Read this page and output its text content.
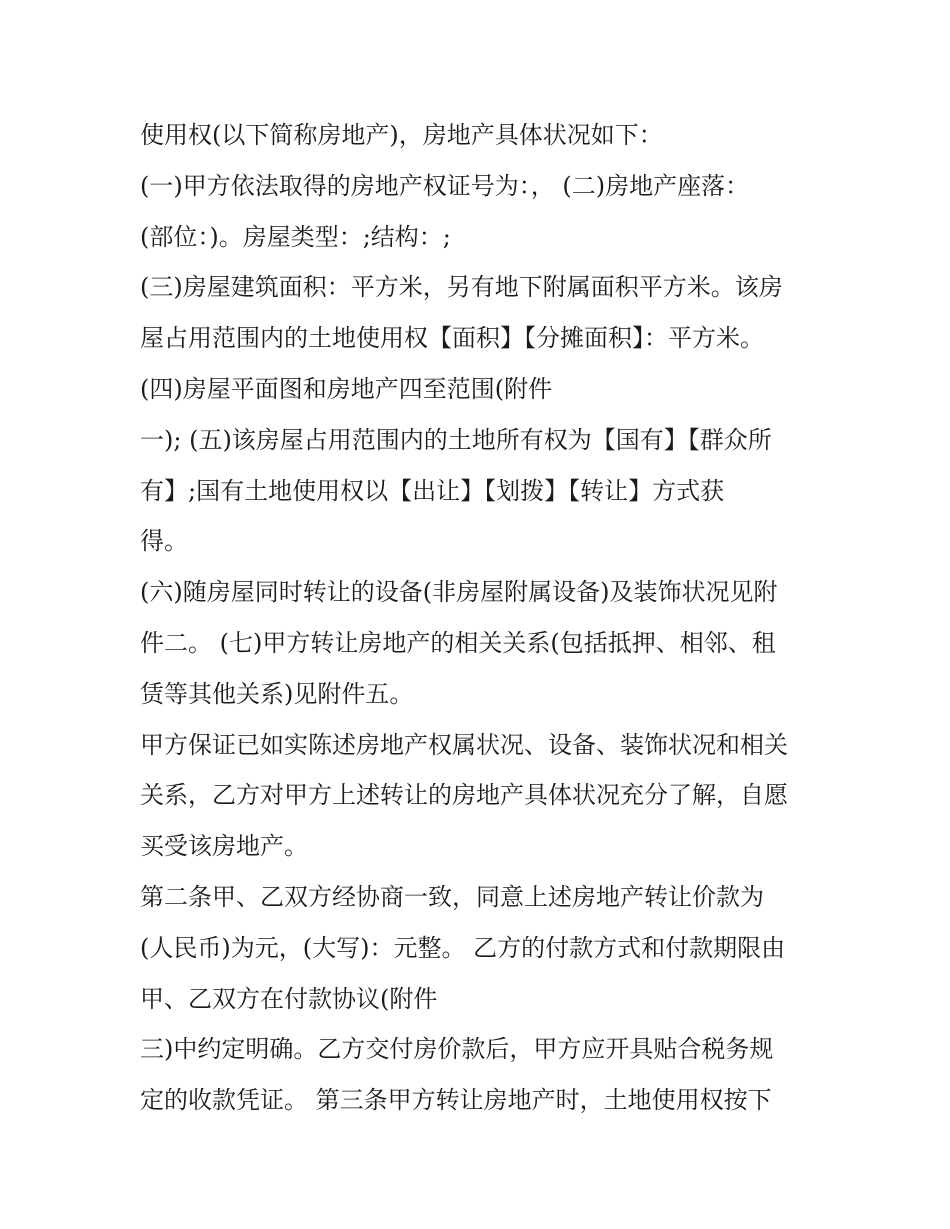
使用权(以下简称房地产)，房地产具体状况如下：
(一)甲方依法取得的房地产权证号为：， (二)房地产座落：
(部位：)。房屋类型：;结构：;
(三)房屋建筑面积：平方米，另有地下附属面积平方米。该房
屋占用范围内的土地使用权【面积】【分摊面积】：平方米。
(四)房屋平面图和房地产四至范围(附件
一); (五)该房屋占用范围内的土地所有权为【国有】【群众所
有】;国有土地使用权以【出让】【划拨】【转让】方式获
得。
(六)随房屋同时转让的设备(非房屋附属设备)及装饰状况见附
件二。 (七)甲方转让房地产的相关关系(包括抵押、相邻、租
赁等其他关系)见附件五。
甲方保证已如实陈述房地产权属状况、设备、装饰状况和相关
关系，乙方对甲方上述转让的房地产具体状况充分了解，自愿
买受该房地产。
第二条甲、乙双方经协商一致，同意上述房地产转让价款为
(人民币)为元，(大写)：元整。 乙方的付款方式和付款期限由
甲、乙双方在付款协议(附件
三)中约定明确。乙方交付房价款后，甲方应开具贴合税务规
定的收款凭证。 第三条甲方转让房地产时，土地使用权按下
